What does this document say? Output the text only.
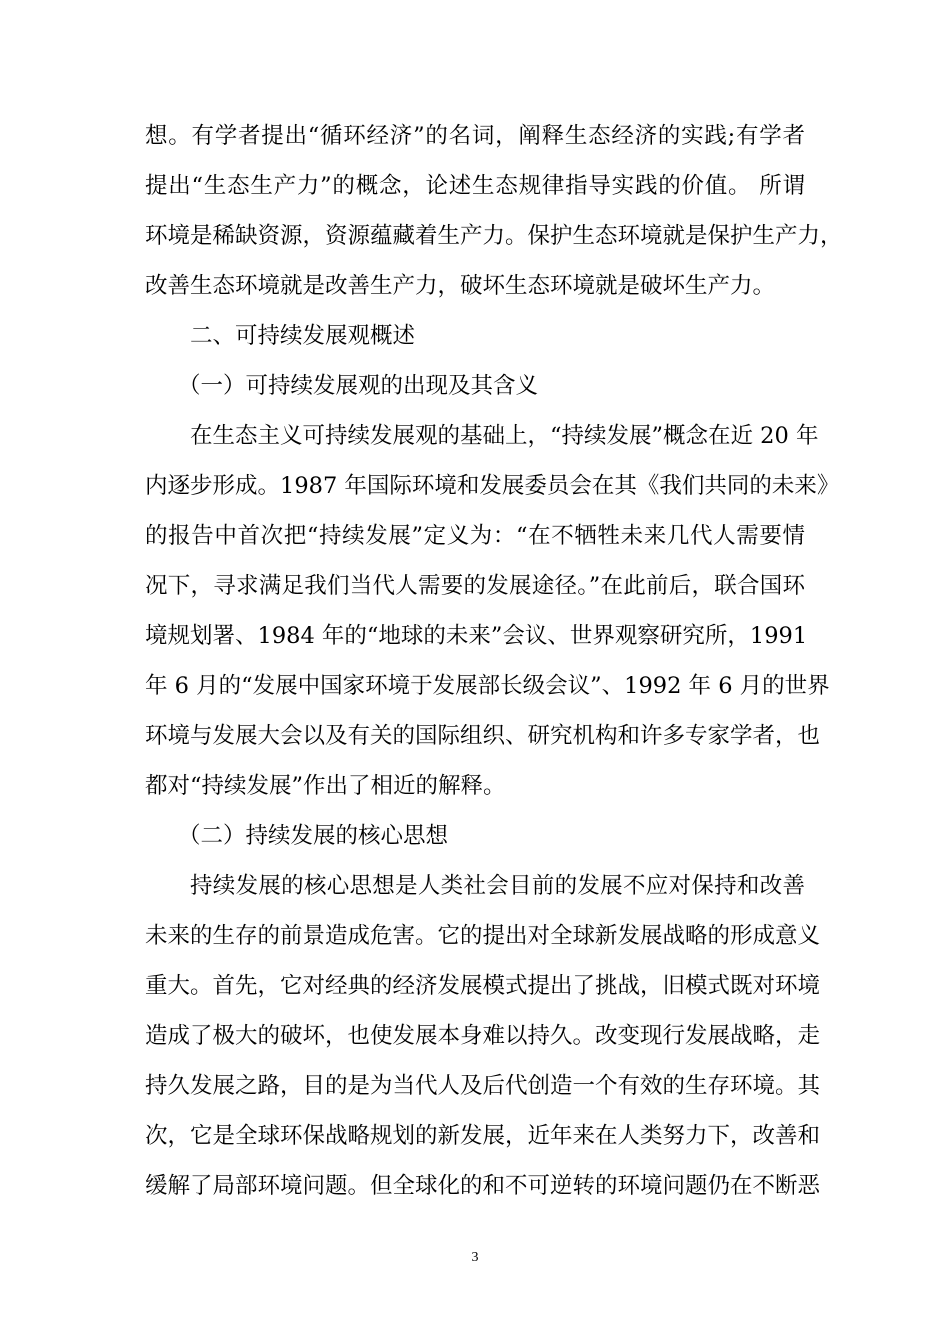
想。有学者提出“循环经济”的名词，阐释生态经济的实践;有学者
提出“生态生产力”的概念，论述生态规律指导实践的价值。 所谓
环境是稀缺资源，资源蕴藏着生产力。保护生态环境就是保护生产力，
改善生态环境就是改善生产力，破坏生态环境就是破坏生产力。
二、可持续发展观概述
（一）可持续发展观的出现及其含义
在生态主义可持续发展观的基础上，“持续发展”概念在近 20 年
内逐步形成。1987 年国际环境和发展委员会在其《我们共同的未来》
的报告中首次把“持续发展”定义为：“在不牺牲未来几代人需要情
况下，寻求满足我们当代人需要的发展途径。”在此前后，联合国环
境规划署、1984 年的“地球的未来”会议、世界观察研究所，1991
年 6 月的“发展中国家环境于发展部长级会议”、1992 年 6 月的世界
环境与发展大会以及有关的国际组织、研究机构和许多专家学者，也
都对“持续发展”作出了相近的解释。
（二）持续发展的核心思想
持续发展的核心思想是人类社会目前的发展不应对保持和改善
未来的生存的前景造成危害。它的提出对全球新发展战略的形成意义
重大。首先，它对经典的经济发展模式提出了挑战，旧模式既对环境
造成了极大的破坏，也使发展本身难以持久。改变现行发展战略，走
持久发展之路，目的是为当代人及后代创造一个有效的生存环境。其
次，它是全球环保战略规划的新发展，近年来在人类努力下，改善和
缓解了局部环境问题。但全球化的和不可逆转的环境问题仍在不断恶
3
